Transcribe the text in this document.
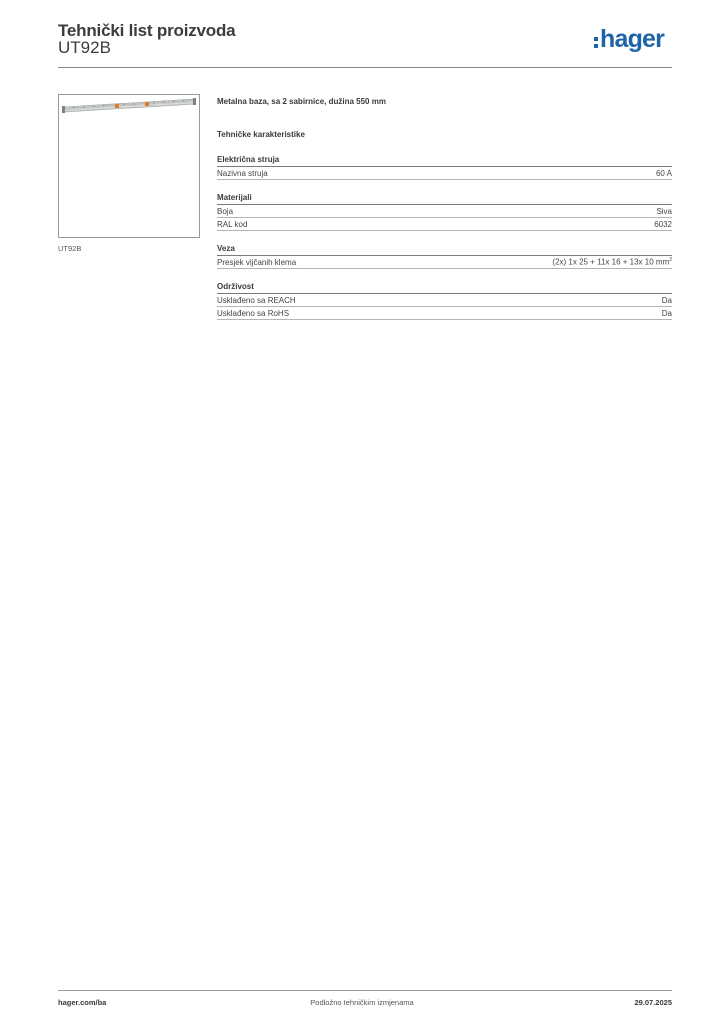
Tehnički list proizvoda
UT92B	hager
UT92B
Metalna baza, sa 2 sabirnice, dužina 550 mm
Tehničke karakteristike
Električna struja
Nazivna struja	60 A
Materijali
Boja	Siva
RAL kod	6032
Veza
Presjek vijčanih klema	(2x) 1x 25 + 11x 16 + 13x 10 $mm^2$
Održivost
Usklađeno sa REACH	Da
Usklađeno sa RoHS	Da
hager.com/ba	Podložno tehničkim izmjenama	29.07.2025
